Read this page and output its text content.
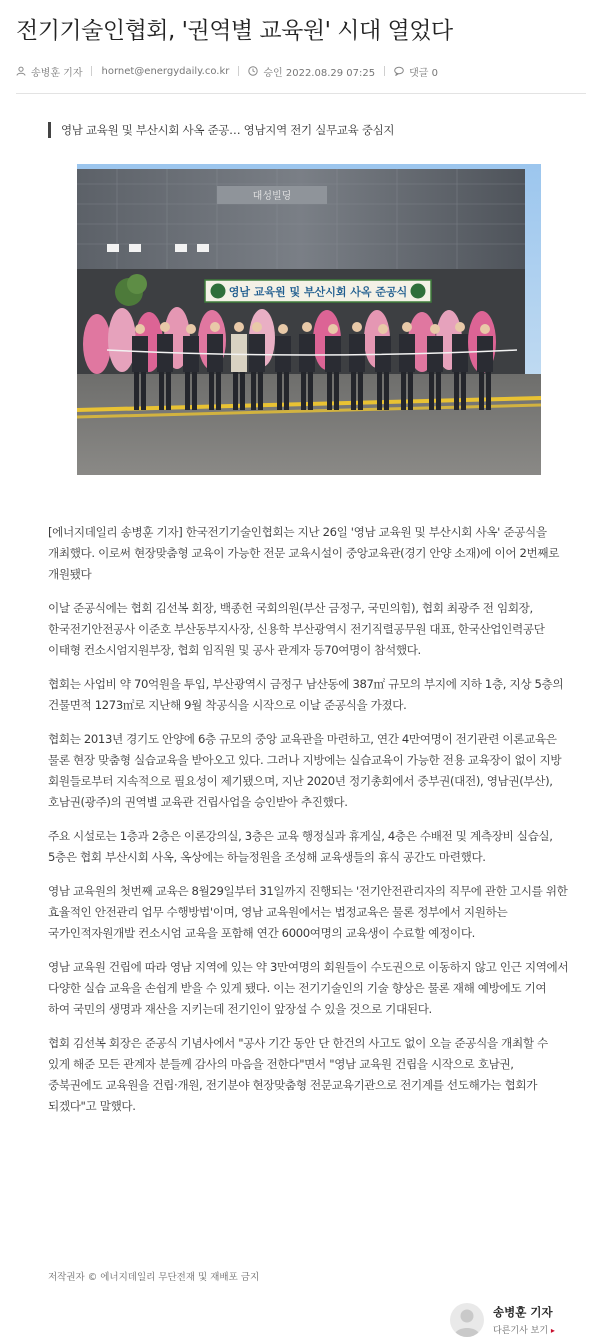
전기기술인협회, '권역별 교육원' 시대 열었다
송병훈 기자 hornet@energydaily.co.kr	승인 2022.08.29 07:25	댓글 0
영남 교육원 및 부산시회 사옥 준공… 영남지역 전기 실무교육 중심지
대성빌딩
영남 교육원 및 부산시회 사옥 준공식

[에너지데일리 송병훈 기자] 한국전기기술인협회는 지난 26일 '영남 교육원 및 부산시회 사옥' 준공식을 개최했다. 이로써 현장맞춤형 교육이 가능한 전문 교육시설이 중앙교육관(경기 안양 소재)에 이어 2번째로 개원됐다

이날 준공식에는 협회 김선복 회장, 백종헌 국회의원(부산 금정구, 국민의힘), 협회 최광주 전 임회장, 한국전기안전공사 이준호 부산동부지사장, 신용학 부산광역시 전기직렬공무원 대표, 한국산업인력공단 이태형 컨소시엄지원부장, 협회 임직원 및 공사 관계자 등70여명이 참석했다.

협회는 사업비 약 70억원을 투입, 부산광역시 금정구 남산동에 387㎡ 규모의 부지에 지하 1층, 지상 5층의 건물면적 1273㎡로 지난해 9월 착공식을 시작으로 이날 준공식을 가졌다.

협회는 2013년 경기도 안양에 6층 규모의 중앙 교육관을 마련하고, 연간 4만여명이 전기관련 이론교육은 물론 현장 맞춤형 실습교육을 받아오고 있다. 그러나 지방에는 실습교육이 가능한 전용 교육장이 없이 지방 회원들로부터 지속적으로 필요성이 제기됐으며, 지난 2020년 정기총회에서 중부권(대전), 영남권(부산), 호남권(광주)의 권역별 교육관 건립사업을 승인받아 추진했다.

주요 시설로는 1층과 2층은 이론강의실, 3층은 교육 행정실과 휴게실, 4층은 수배전 및 계측장비 실습실, 5층은 협회 부산시회 사옥, 옥상에는 하늘정원을 조성해 교육생들의 휴식 공간도 마련했다.

영남 교육원의 첫번째 교육은 8월29일부터 31일까지 진행되는 '전기안전관리자의 직무에 관한 고시를 위한 효율적인 안전관리 업무 수행방법'이며, 영남 교육원에서는 법정교육은 물론 정부에서 지원하는 국가인적자원개발 컨소시엄 교육을 포함해 연간 6000여명의 교육생이 수료할 예정이다.

영남 교육원 건립에 따라 영남 지역에 있는 약 3만여명의 회원들이 수도권으로 이동하지 않고 인근 지역에서 다양한 실습 교육을 손쉽게 받을 수 있게 됐다. 이는 전기기술인의 기술 향상은 물론 재해 예방에도 기여 하여 국민의 생명과 재산을 지키는데 전기인이 앞장설 수 있을 것으로 기대된다.

협회 김선복 회장은 준공식 기념사에서 "공사 기간 동안 단 한건의 사고도 없이 오늘 준공식을 개최할 수 있게 해준 모든 관계자 분들께 감사의 마음을 전한다"면서 "영남 교육원 건립을 시작으로 호남권, 중북권에도 교육원을 건립·개원, 전기분야 현장맞춤형 전문교육기관으로 전기계를 선도해가는 협회가 되겠다"고 말했다.

저작권자 © 에너지데일리 무단전재 및 재배포 금지
송병훈 기자
다른기사 보기 ▸
